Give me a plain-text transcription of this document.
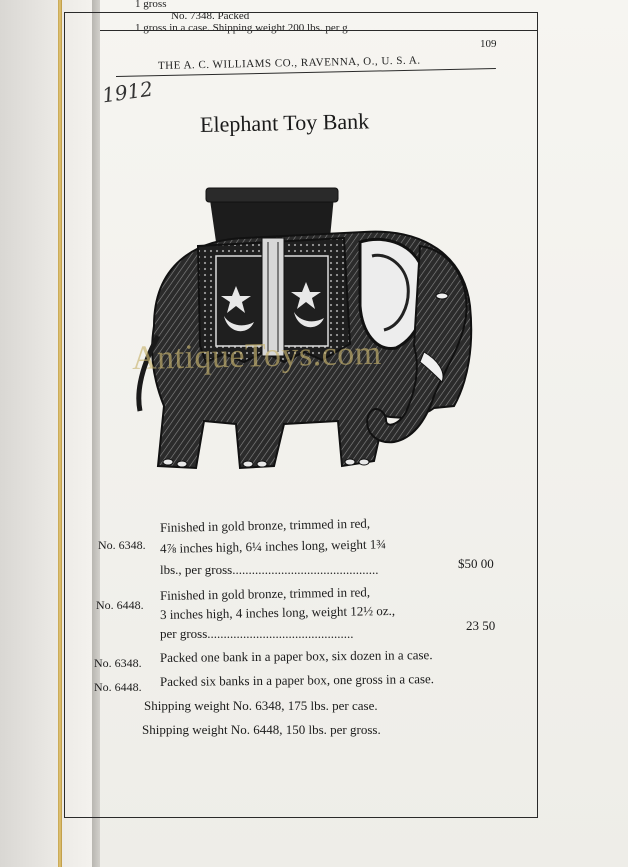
1 gross
No. 7348. Packed
1 gross in a case. Shipping weight 200 lbs. per g
1912
THE A. C. WILLIAMS CO., RAVENNA, O., U. S. A.
109
Elephant Toy Bank
AntiqueToys.com
No. 6348.
Finished in gold bronze, trimmed in red,
4⅞ inches high, 6¼ inches long, weight 1¾
lbs., per gross.............................................	$50 00
No. 6448.
Finished in gold bronze, trimmed in red,
3 inches high, 4 inches long, weight 12½ oz.,
per gross.............................................
23 50
No. 6348. Packed one bank in a paper box, six dozen in a case.
No. 6448. Packed six banks in a paper box, one gross in a case.
Shipping weight No. 6348, 175 lbs. per case.
Shipping weight No. 6448, 150 lbs. per gross.
